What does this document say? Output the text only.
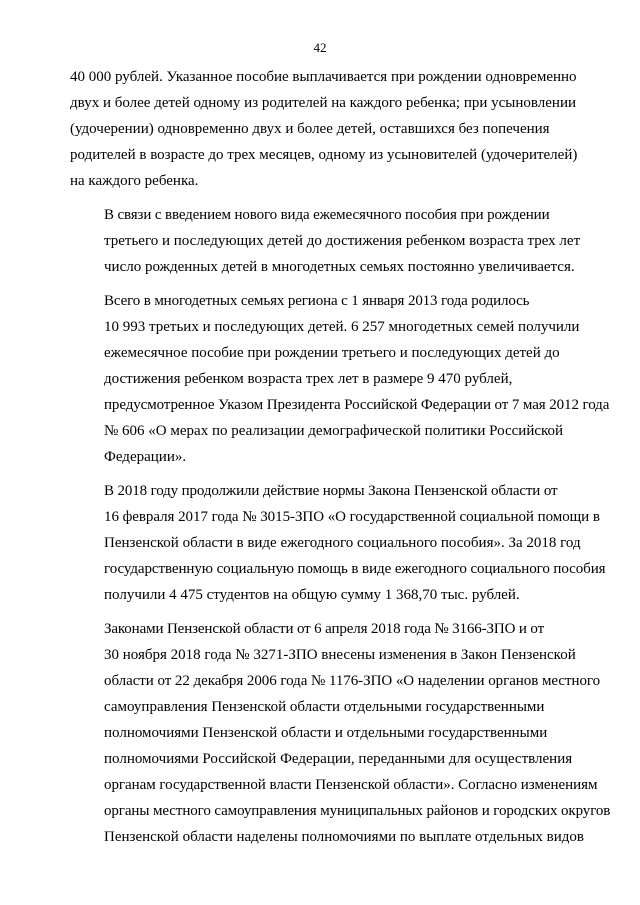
42

40 000 рублей. Указанное пособие выплачивается при рождении одновременно
двух и более детей одному из родителей на каждого ребенка; при усыновлении
(удочерении) одновременно двух и более детей, оставшихся без попечения
родителей в возрасте до трех месяцев, одному из усыновителей (удочерителей)
на каждого ребенка.

В связи с введением нового вида ежемесячного пособия при рождении
третьего и последующих детей до достижения ребенком возраста трех лет
число рожденных детей в многодетных семьях постоянно увеличивается.

Всего в многодетных семьях региона с 1 января 2013 года родилось
10 993 третьих и последующих детей. 6 257 многодетных семей получили
ежемесячное пособие при рождении третьего и последующих детей до
достижения ребенком возраста трех лет в размере 9 470 рублей,
предусмотренное Указом Президента Российской Федерации от 7 мая 2012 года
№ 606 «О мерах по реализации демографической политики Российской
Федерации».

В 2018 году продолжили действие нормы Закона Пензенской области от
16 февраля 2017 года № 3015-ЗПО «О государственной социальной помощи в
Пензенской области в виде ежегодного социального пособия». За 2018 год
государственную социальную помощь в виде ежегодного социального пособия
получили 4 475 студентов на общую сумму 1 368,70 тыс. рублей.

Законами Пензенской области от 6 апреля 2018 года № 3166-ЗПО и от
30 ноября 2018 года № 3271-ЗПО внесены изменения в Закон Пензенской
области от 22 декабря 2006 года № 1176-ЗПО «О наделении органов местного
самоуправления Пензенской области отдельными государственными
полномочиями Пензенской области и отдельными государственными
полномочиями Российской Федерации, переданными для осуществления
органам государственной власти Пензенской области». Согласно изменениям
органы местного самоуправления муниципальных районов и городских округов
Пензенской области наделены полномочиями по выплате отдельных видов
